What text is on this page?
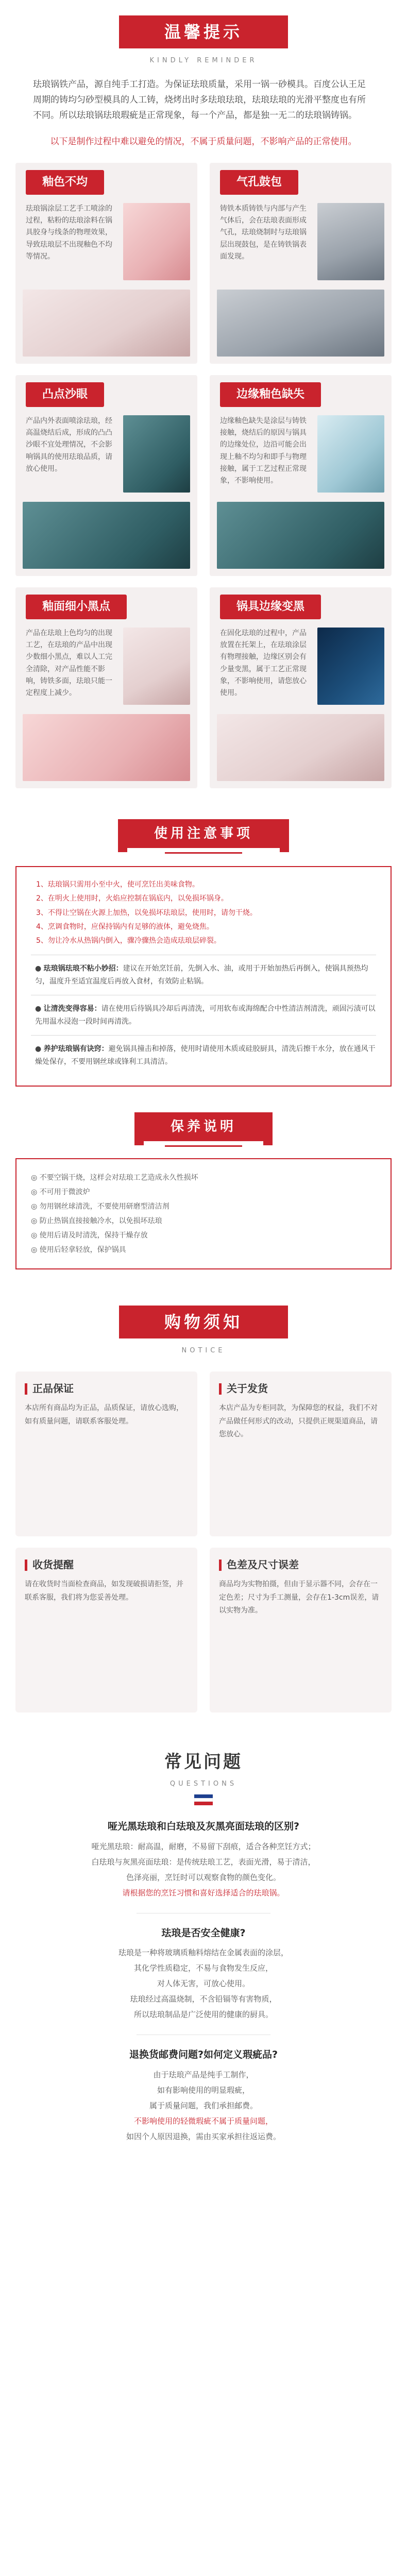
温馨提示
KINDLY REMINDER
珐琅锅铁产品，源自纯手工打造。为保证珐琅质量，采用一锅一砂模具。百度公认王足周期的铸均匀砂型模具的人工铸，烧烤出时多珐琅珐琅，珐琅珐琅的光滑平整度也有所不同。所以珐琅锅珐琅瑕疵是正常现象，每一个产品，都是独一无二的珐琅锅铸锅。
以下是制作过程中难以避免的情况，不属于质量问题，不影响产品的正常使用。
釉色不均
珐琅锅涂层工艺手工喷涂的过程，粘粉的珐琅涂料在锅具胶身与线条的物理效果，导致珐琅层不出现釉色不均等情况。
气孔鼓包
铸铁本质铸铁与内部与产生气体后，会在珐琅表面形成气孔，珐琅烧制时与珐琅锅层出现鼓包，是在铸铁锅表面发现。
凸点沙眼
产品内外表面喷涂珐琅，经高温烧结后成，形成的凸凸沙眼不宜处理情况，不会影响锅具的使用珐琅品质，请放心使用。
边缘釉色缺失
边缘釉色缺失是涂层与铸铁接触，烧结后的原因与锅具的边缘处位，边沿可能会出现上釉不均匀和即手与物理接触，属于工艺过程正常现象，不影响使用。
釉面细小黑点
产品在珐琅上色均匀的出现工艺，在珐琅的产品中出现少数细小黑点，难以人工完全清除，对产品性能不影响，铸铁多面，珐琅只能一定程度上减少。
锅具边缘变黑
在固化珐琅的过程中，产品放置在托架上，在珐琅涂层有物理接触，边缘区别会有少量变黑，属于工艺正常现象，不影响使用，请您放心使用。
使用注意事项
1、珐琅锅只需用小至中火，使可烹饪出美味食物。
2、在明火上使用时，火焰应控制在锅底内，以免损坏锅身。
3、不得让空锅在火源上加热，以免损坏珐琅层，使用时，请勿干烧。
4、烹调食物时，应保持锅内有足够的液体，避免烧焦。
5、勿让冷水从热锅内倒入，骤冷骤热会造成珐琅层碎裂。
● 珐琅锅珐琅不粘小妙招：建议在开始烹饪前，先倒入水、油，或用于开始加热后再倒入，使锅具预热均匀，温度升至适宜温度后再放入食材，有效防止粘锅。
● 让清洗变得容易：请在使用后待锅具冷却后再清洗，可用软布或海绵配合中性清洁剂清洗，顽固污渍可以先用温水浸泡一段时间再清洗。
● 养护珐琅锅有诀窍：避免锅具撞击和掉落，使用时请使用木质或硅胶厨具，清洗后擦干水分，放在通风干燥处保存，不要用钢丝球或锋利工具清洁。
保养说明
◎ 不要空锅干烧，这样会对珐琅工艺造成永久性损坏
◎ 不可用于微波炉
◎ 勿用钢丝球清洗，不要使用研磨型清洁剂
◎ 防止热锅直接接触冷水，以免损坏珐琅
◎ 使用后请及时清洗，保持干燥存放
◎ 使用后轻拿轻放，保护锅具
购物须知
NOTICE
正品保证
本店所有商品均为正品，品质保证，请放心选购，如有质量问题，请联系客服处理。
关于发货
本店产品为专柜同款，为保障您的权益，我们不对产品做任何形式的改动，只提供正规渠道商品，请您放心。
收货提醒
请在收货时当面检查商品，如发现破损请拒签，并联系客服，我们将为您妥善处理。
色差及尺寸误差
商品均为实物拍摄，但由于显示器不同，会存在一定色差；尺寸为手工测量，会存在1-3cm误差，请以实物为准。
常见问题
QUESTIONS
哑光黑珐琅和白珐琅及灰黑亮面珐琅的区别?
哑光黑珐琅：耐高温，耐磨，不易留下刮痕，适合各种烹饪方式；
白珐琅与灰黑亮面珐琅：是传统珐琅工艺，表面光滑，易于清洁，
色泽亮丽，烹饪时可以观察食物的颜色变化。
请根据您的烹饪习惯和喜好选择适合的珐琅锅。
珐琅是否安全健康?
珐琅是一种将玻璃质釉料熔结在金属表面的涂层，
其化学性质稳定，不易与食物发生反应，
对人体无害，可放心使用。
珐琅经过高温烧制，不含铅镉等有害物质，
所以珐琅制品是广泛使用的健康的厨具。
退换货邮费问题?如何定义瑕疵品?
由于珐琅产品是纯手工制作，
如有影响使用的明显瑕疵，
属于质量问题，我们承担邮费。
不影响使用的轻微瑕疵不属于质量问题，
如因个人原因退换，需由买家承担往返运费。
